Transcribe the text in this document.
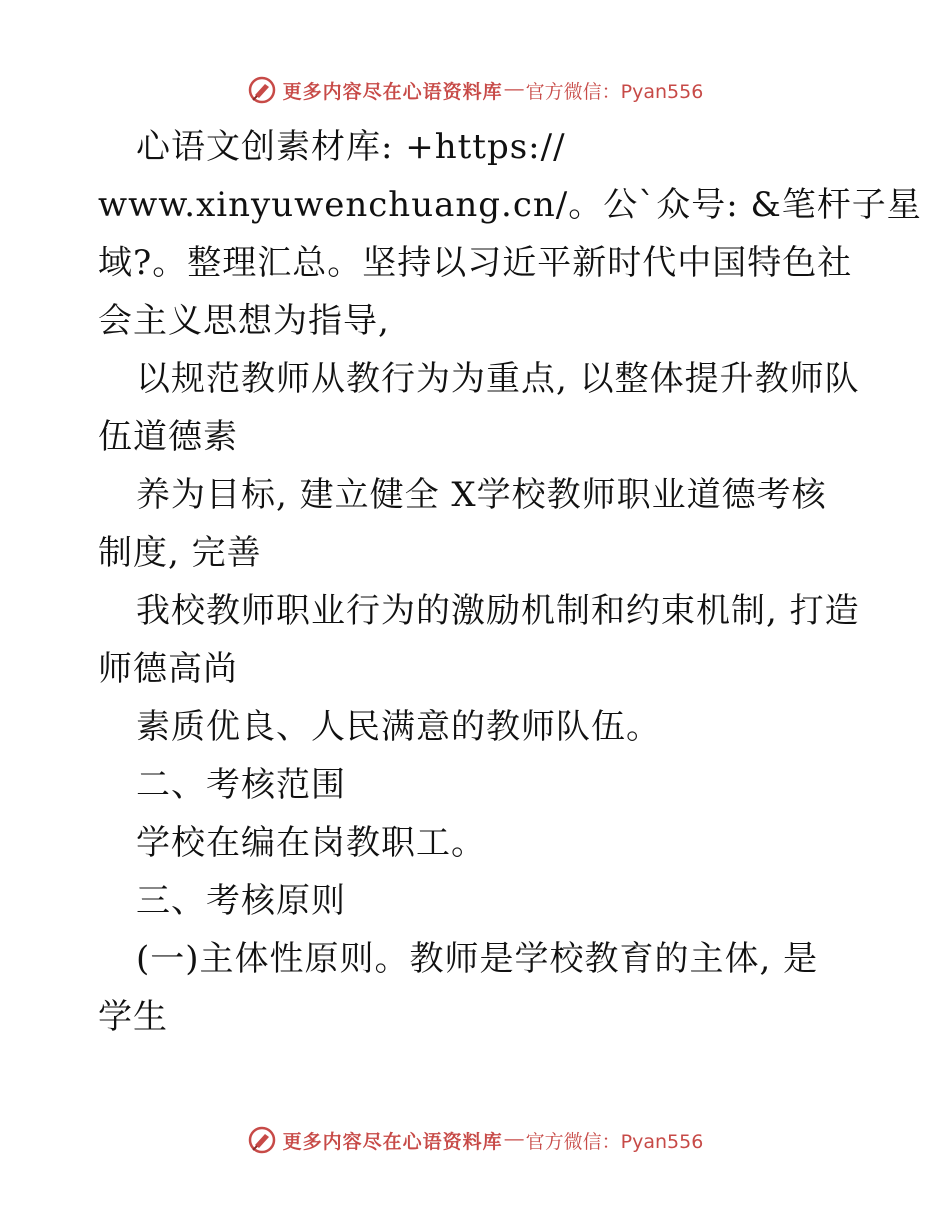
更多内容尽在心语资料库 — 官方微信：Pyan556
心语文创素材库: +https://
www.xinyuwenchuang.cn/。公`众号: &笔杆子星
域?。整理汇总。坚持以习近平新时代中国特色社
会主义思想为指导,
以规范教师从教行为为重点, 以整体提升教师队
伍道德素
养为目标, 建立健全 X学校教师职业道德考核
制度, 完善
我校教师职业行为的激励机制和约束机制, 打造
师德高尚
素质优良、人民满意的教师队伍。
二、考核范围
学校在编在岗教职工。
三、考核原则
(一)主体性原则。教师是学校教育的主体, 是
学生
更多内容尽在心语资料库 — 官方微信：Pyan556
